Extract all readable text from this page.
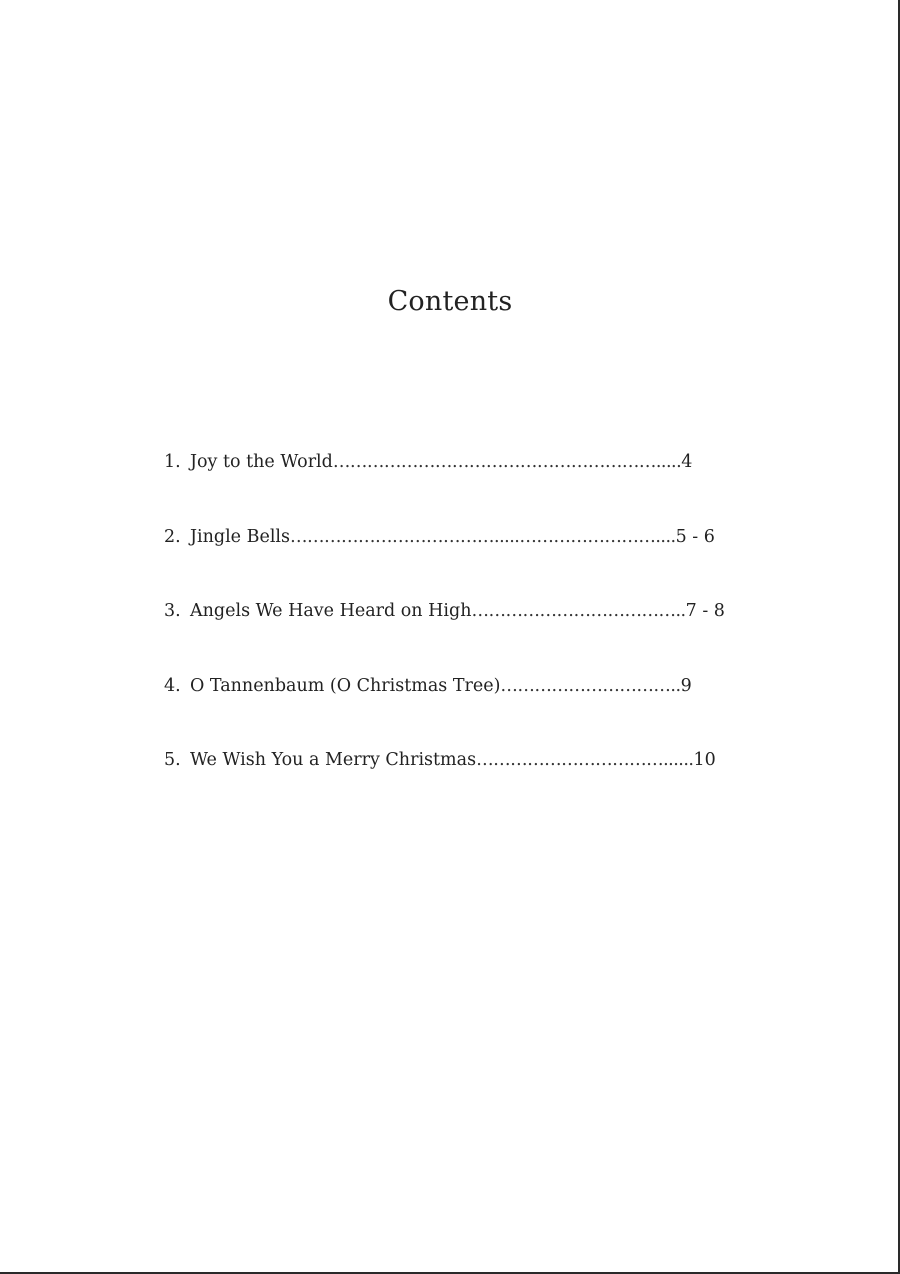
Contents
1. Joy to the World …………………………………………………..... 4
2. Jingle Bells ……………………………….....…………………….... 5 - 6
3. Angels We Have Heard on High ……………………………….. 7 - 8
4. O Tannenbaum (O Christmas Tree) ………………………….. 9
5. We Wish You a Merry Christmas ……………………………...... 10
